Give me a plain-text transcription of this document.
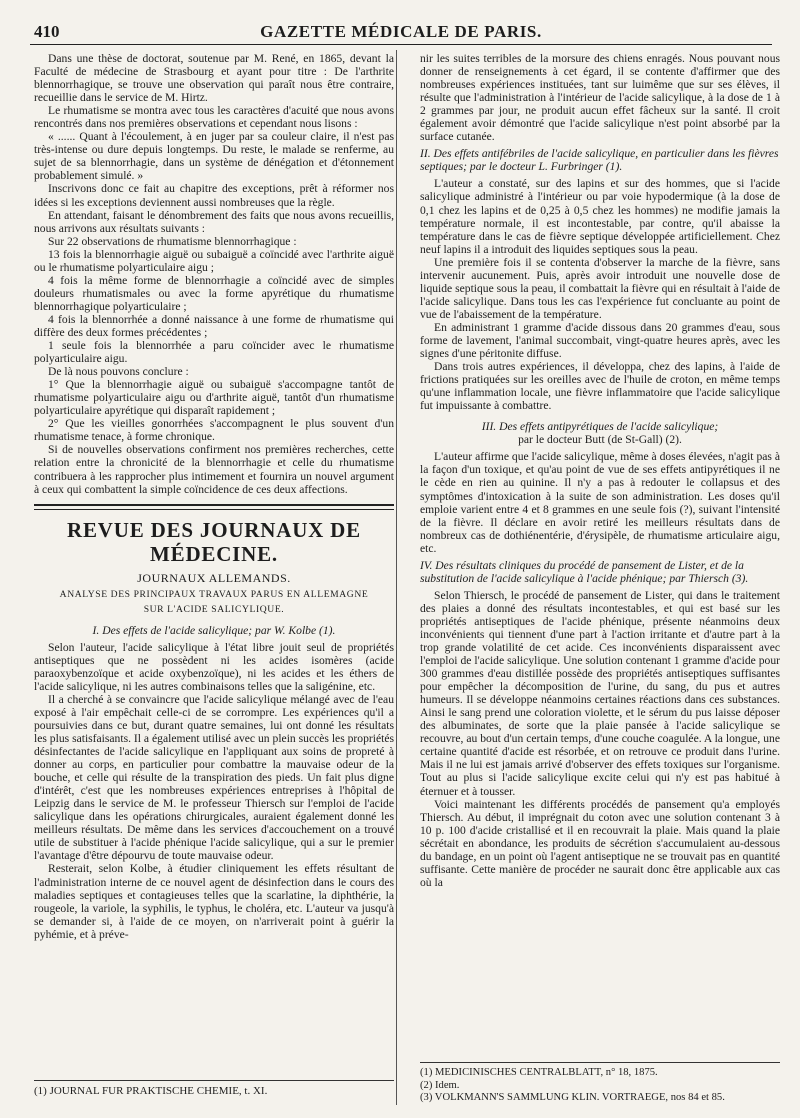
410	GAZETTE MÉDICALE DE PARIS.

Dans une thèse de doctorat, soutenue par M. René, en 1865, devant la Faculté de médecine de Strasbourg et ayant pour titre : De l'arthrite blennorrhagique, se trouve une observation qui paraît nous être contraire, recueillie dans le service de M. Hirtz.

Le rhumatisme se montra avec tous les caractères d'acuité que nous avons rencontrés dans nos premières observations et cependant nous lisons :

« ...... Quant à l'écoulement, à en juger par sa couleur claire, il n'est pas très-intense ou dure depuis longtemps. Du reste, le malade se renferme, au sujet de sa blennorrhagie, dans un système de dénégation et d'étonnement probablement simulé. »

Inscrivons donc ce fait au chapitre des exceptions, prêt à réformer nos idées si les exceptions deviennent aussi nombreuses que la règle.

En attendant, faisant le dénombrement des faits que nous avons recueillis, nous arrivons aux résultats suivants :

Sur 22 observations de rhumatisme blennorrhagique :

13 fois la blennorrhagie aiguë ou subaiguë a coïncidé avec l'arthrite aiguë ou le rhumatisme polyarticulaire aigu ;

4 fois la même forme de blennorrhagie a coïncidé avec de simples douleurs rhumatismales ou avec la forme apyrétique du rhumatisme blennorrhagique polyarticulaire ;

4 fois la blennorrhée a donné naissance à une forme de rhumatisme qui diffère des deux formes précédentes ;

1 seule fois la blennorrhée a paru coïncider avec le rhumatisme polyarticulaire aigu.

De là nous pouvons conclure :

1° Que la blennorrhagie aiguë ou subaiguë s'accompagne tantôt de rhumatisme polyarticulaire aigu ou d'arthrite aiguë, tantôt d'un rhumatisme polyarticulaire apyrétique qui disparaît rapidement ;

2° Que les vieilles gonorrhées s'accompagnent le plus souvent d'un rhumatisme tenace, à forme chronique.

Si de nouvelles observations confirment nos premières recherches, cette relation entre la chronicité de la blennorrhagie et celle du rhumatisme contribuera à les rapprocher plus intimement et fournira un nouvel argument à ceux qui combattent la simple coïncidence de ces deux affections.

REVUE DES JOURNAUX DE MÉDECINE.
JOURNAUX ALLEMANDS.
ANALYSE DES PRINCIPAUX TRAVAUX PARUS EN ALLEMAGNE
SUR L'ACIDE SALICYLIQUE.
I. Des effets de l'acide salicylique; par W. Kolbe (1).

Selon l'auteur, l'acide salicylique à l'état libre jouit seul de propriétés antiseptiques que ne possèdent ni les acides isomères (acide paraoxybenzoïque et acide oxybenzoïque), ni les acides et les éthers de l'acide salicylique, ni les autres combinaisons telles que la saligénine, etc.

Il a cherché à se convaincre que l'acide salicylique mélangé avec de l'eau exposé à l'air empêchait celle-ci de se corrompre. Les expériences qu'il a poursuivies dans ce but, durant quatre semaines, lui ont donné les résultats les plus satisfaisants. Il a également utilisé avec un plein succès les propriétés désinfectantes de l'acide salicylique en l'appliquant aux soins de propreté à donner au corps, en particulier pour combattre la mauvaise odeur de la bouche, et celle qui résulte de la transpiration des pieds. Un fait plus digne d'intérêt, c'est que les nombreuses expériences entreprises à l'hôpital de Leipzig dans le service de M. le professeur Thiersch sur l'emploi de l'acide salicylique dans les opérations chirurgicales, auraient également donné les meilleurs résultats. De même dans les services d'accouchement on a trouvé utile de substituer à l'acide phénique l'acide salicylique, qui a sur le premier l'avantage d'être dépourvu de toute mauvaise odeur.

Resterait, selon Kolbe, à étudier cliniquement les effets résultant de l'administration interne de ce nouvel agent de désinfection dans le cours des maladies septiques et contagieuses telles que la scarlatine, la diphthérie, la rougeole, la variole, la syphilis, le typhus, le choléra, etc. L'auteur va jusqu'à se demander si, à l'aide de ce moyen, on n'arriverait point à guérir la pyhémie, et à préve-

(1) JOURNAL FUR PRAKTISCHE CHEMIE, t. XI.

nir les suites terribles de la morsure des chiens enragés. Nous pouvant nous donner de renseignements à cet égard, il se contente d'affirmer que des nombreuses expériences instituées, tant sur luimême que sur ses élèves, il résulte que l'administration à l'intérieur de l'acide salicylique, à la dose de 1 à 2 grammes par jour, ne produit aucun effet fâcheux sur la santé. Il croit également avoir démontré que l'acide salicylique n'est point absorbé par la surface cutanée.

II. Des effets antifébriles de l'acide salicylique, en particulier dans les fièvres septiques; par le docteur L. Furbringer (1).

L'auteur a constaté, sur des lapins et sur des hommes, que si l'acide salicylique administré à l'intérieur ou par voie hypodermique (à la dose de 0,1 chez les lapins et de 0,25 à 0,5 chez les hommes) ne modifie jamais la température normale, il est incontestable, par contre, qu'il abaisse la température dans le cas de fièvre septique développée artificiellement. Chez neuf lapins il a introduit des liquides septiques sous la peau.

Une première fois il se contenta d'observer la marche de la fièvre, sans intervenir aucunement. Puis, après avoir introduit une nouvelle dose de liquide septique sous la peau, il combattait la fièvre qui en résultait à l'aide de l'acide salicylique. Dans tous les cas l'expérience fut concluante au point de vue de l'abaissement de la température.

En administrant 1 gramme d'acide dissous dans 20 grammes d'eau, sous forme de lavement, l'animal succombait, vingt-quatre heures après, avec les signes d'une péritonite diffuse.

Dans trois autres expériences, il développa, chez des lapins, à l'aide de frictions pratiquées sur les oreilles avec de l'huile de croton, en même temps qu'une inflammation locale, une fièvre inflammatoire que l'acide salicylique fut impuissante à combattre.

III. Des effets antipyrétiques de l'acide salicylique;
par le docteur Butt (de St-Gall) (2).

L'auteur affirme que l'acide salicylique, même à doses élevées, n'agit pas à la façon d'un toxique, et qu'au point de vue de ses effets antipyrétiques il ne le cède en rien au quinine. Il n'y a pas à redouter le collapsus et des symptômes d'intoxication à la suite de son administration. Les doses qu'il emploie varient entre 4 et 8 grammes en une seule fois (?), suivant l'intensité de la fièvre. Il déclare en avoir retiré les meilleurs résultats dans de nombreux cas de dothiénentérie, d'érysipèle, de rhumatisme articulaire aigu, etc.

IV. Des résultats cliniques du procédé de pansement de Lister, et de la substitution de l'acide salicylique à l'acide phénique; par Thiersch (3).

Selon Thiersch, le procédé de pansement de Lister, qui dans le traitement des plaies a donné des résultats incontestables, et qui est basé sur les propriétés antiseptiques de l'acide phénique, présente néanmoins deux inconvénients qui tiennent d'une part à l'action irritante et d'autre part à la trop grande volatilité de cet acide. Ces inconvénients disparaissent avec l'emploi de l'acide salicylique. Une solution contenant 1 gramme d'acide pour 300 grammes d'eau distillée possède des propriétés antiseptiques suffisantes pour empêcher la décomposition de l'urine, du sang, du pus et autres humeurs. Il se développe néanmoins certaines réactions dans ces substances. Ainsi le sang prend une coloration violette, et le sérum du pus laisse déposer des albuminates, de sorte que la plaie pansée à l'acide salicylique se recouvre, au bout d'un certain temps, d'une couche coagulée. A la longue, une certaine quantité d'acide est résorbée, et on retrouve ce produit dans l'urine. Mais il ne lui est jamais arrivé d'observer des effets toxiques sur l'organisme. Tout au plus si l'acide salicylique excite celui qui n'y est pas habitué à éternuer et à tousser.

Voici maintenant les différents procédés de pansement qu'a employés Thiersch. Au début, il imprégnait du coton avec une solution contenant 3 à 10 p. 100 d'acide cristallisé et il en recouvrait la plaie. Mais quand la plaie sécrétait en abondance, les produits de sécrétion s'accumulaient au-dessous du bandage, en un point où l'agent antiseptique ne se trouvait pas en quantité suffisante. Cette manière de procéder ne saurait donc être applicable aux cas où la

(1) MEDICINISCHES CENTRALBLATT, n° 18, 1875.

(2) Idem.

(3) VOLKMANN'S SAMMLUNG KLIN. VORTRAEGE, nos 84 et 85.
